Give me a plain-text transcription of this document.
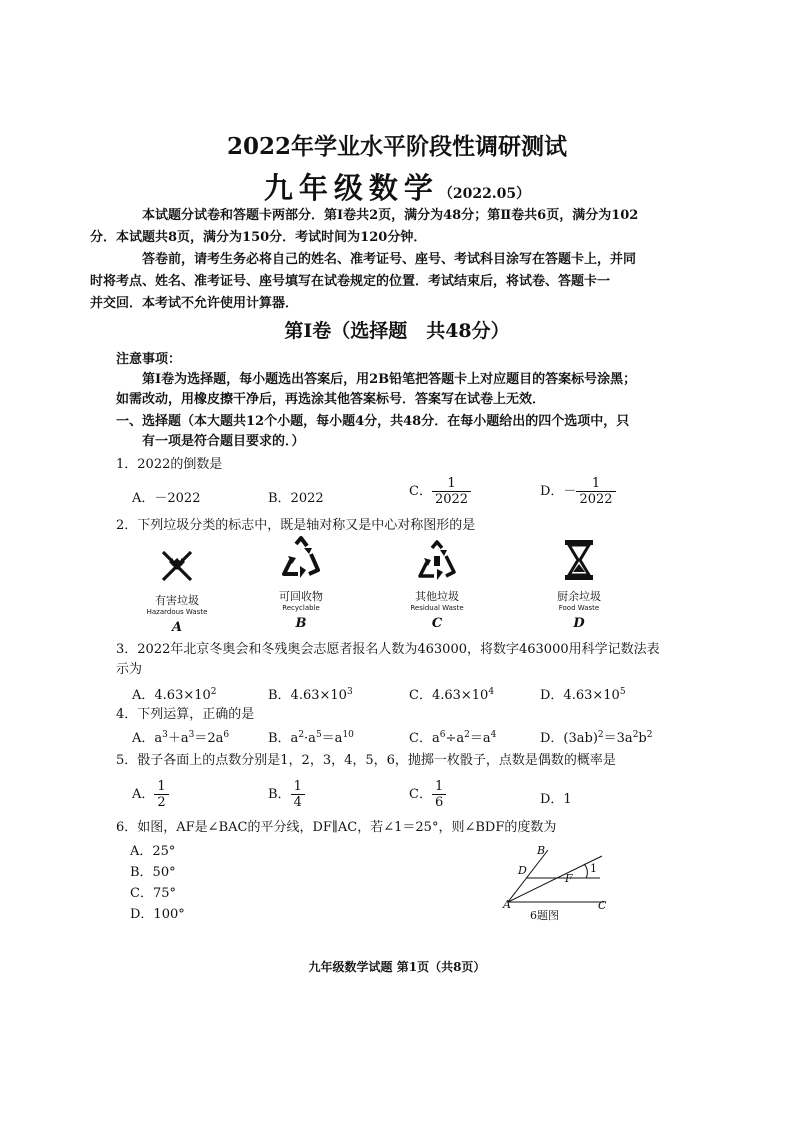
2022年学业水平阶段性调研测试
九年级数学（2022.05）
本试题分试卷和答题卡两部分．第Ⅰ卷共2页，满分为48分；第Ⅱ卷共6页，满分为102
分．本试题共8页，满分为150分．考试时间为120分钟．
答卷前，请考生务必将自己的姓名、准考证号、座号、考试科目涂写在答题卡上，并同
时将考点、姓名、准考证号、座号填写在试卷规定的位置．考试结束后，将试卷、答题卡一
并交回．本考试不允许使用计算器．
第Ⅰ卷（选择题　共48分）
注意事项：
第Ⅰ卷为选择题，每小题选出答案后，用2B铅笔把答题卡上对应题目的答案标号涂黑；
如需改动，用橡皮擦干净后，再选涂其他答案标号．答案写在试卷上无效．
一、选择题（本大题共12个小题，每小题4分，共48分．在每小题给出的四个选项中，只
有一项是符合题目要求的．）
1．2022的倒数是
A．－2022	B．2022	C． $\frac{1}{2022}$	D．－ $\frac{1}{2022}$
2．下列垃圾分类的标志中，既是轴对称又是中心对称图形的是
有害垃圾
Hazardous Waste
A
可回收物
Recyclable
B
其他垃圾
Residual Waste
C
厨余垃圾
Food Waste
D
3．2022年北京冬奥会和冬残奥会志愿者报名人数为463000，将数字463000用科学记数法表
示为
A．$4.63\times 10^2$	B．$4.63\times 10^3$	C．$4.63\times 10^4$	D．$4.63\times 10^5$
4．下列运算，正确的是
A．$a^3+a^3=2a^6$	B．$a^2\cdot a^5=a^{10}$	C．$a^6\div a^2=a^4$	D．$(3ab)^2=3a^2b^2$
5．骰子各面上的点数分别是1，2，3，4，5，6，抛掷一枚骰子，点数是偶数的概率是
A． $\frac{1}{2}$	B． $\frac{1}{4}$	C． $\frac{1}{6}$	D．1
6．如图，AF是∠BAC的平分线，DF∥AC，若∠1＝25°，则∠BDF的度数为
A．25°
B．50°
C．75°
D．100°
B
D
F
1
A	C
6题图
九年级数学试题 第1页（共8页）
